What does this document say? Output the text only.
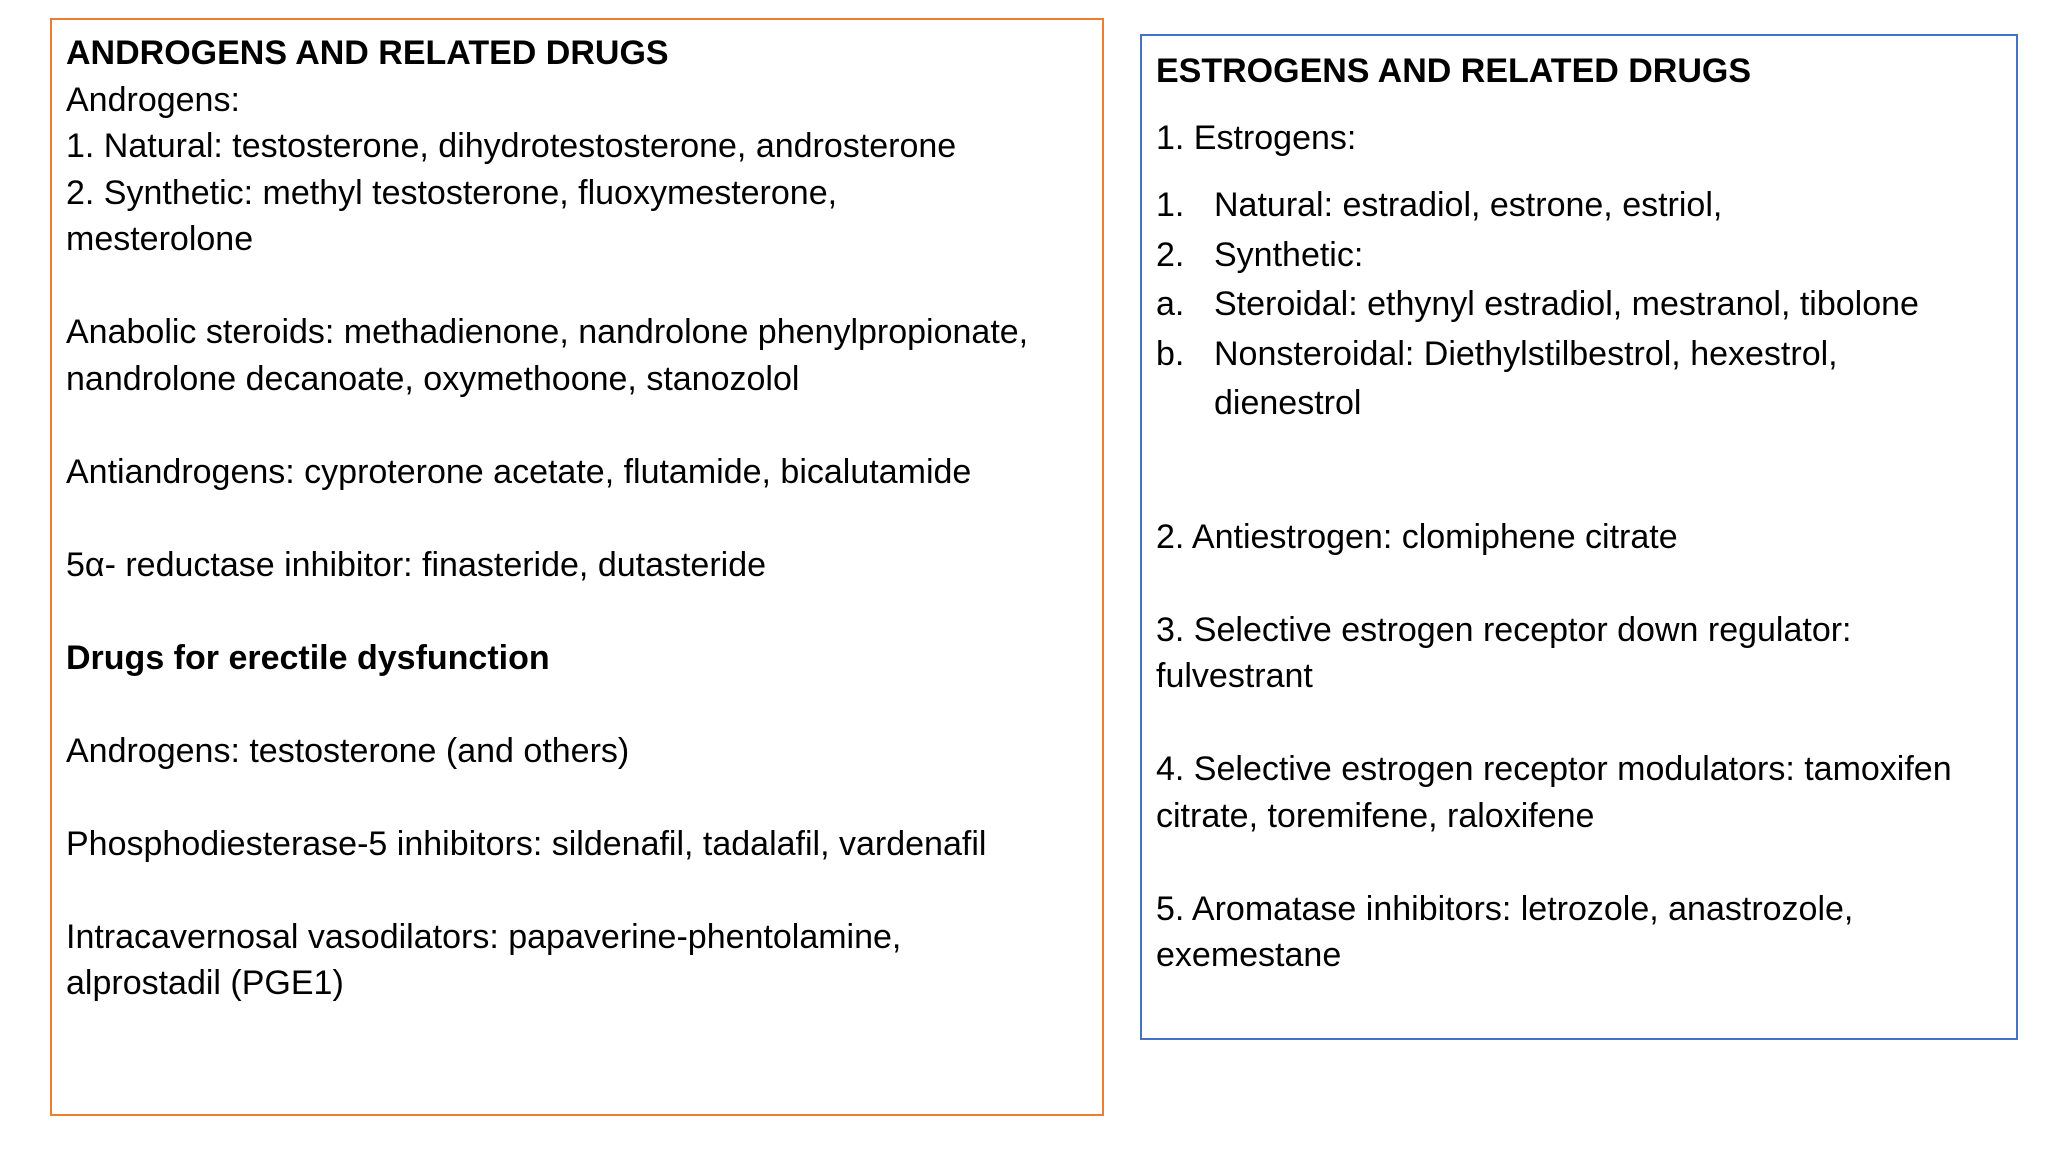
ANDROGENS AND RELATED DRUGS
Androgens:
1. Natural: testosterone, dihydrotestosterone, androsterone
2. Synthetic: methyl testosterone, fluoxymesterone,
mesterolone
Anabolic steroids: methadienone, nandrolone phenylpropionate,
nandrolone decanoate, oxymethoone, stanozolol
Antiandrogens: cyproterone acetate, flutamide, bicalutamide
5α- reductase inhibitor: finasteride, dutasteride
Drugs for erectile dysfunction
Androgens: testosterone (and others)
Phosphodiesterase-5 inhibitors: sildenafil, tadalafil, vardenafil
Intracavernosal vasodilators: papaverine-phentolamine,
alprostadil (PGE1)
ESTROGENS AND RELATED DRUGS
1. Estrogens:
1. Natural: estradiol, estrone, estriol,
2. Synthetic:
a. Steroidal: ethynyl estradiol, mestranol, tibolone
b. Nonsteroidal: Diethylstilbestrol, hexestrol,
dienestrol
2. Antiestrogen: clomiphene citrate
3. Selective estrogen receptor down regulator:
fulvestrant
4. Selective estrogen receptor modulators: tamoxifen
citrate, toremifene, raloxifene
5. Aromatase inhibitors: letrozole, anastrozole,
exemestane
